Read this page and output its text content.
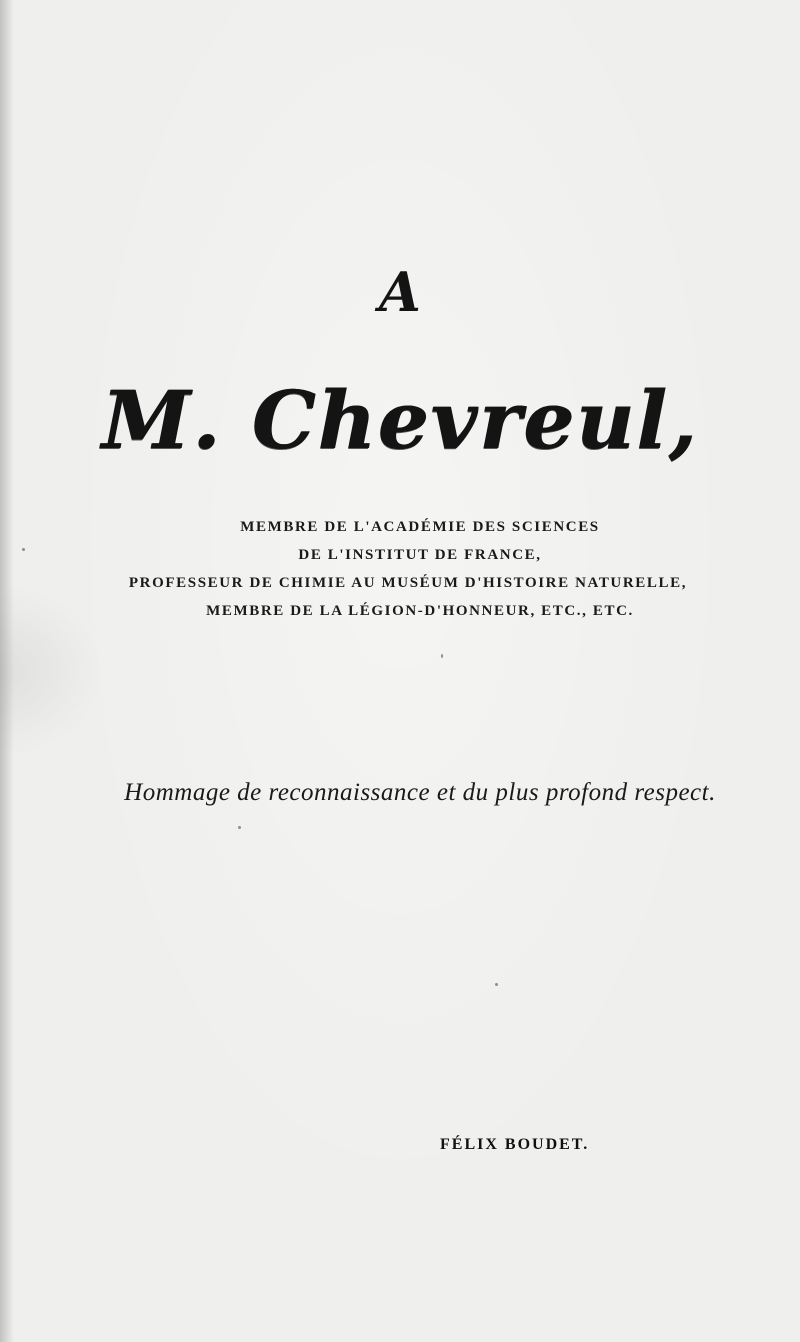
A
M. Chevreul,
MEMBRE DE L'ACADÉMIE DES SCIENCES
DE L'INSTITUT DE FRANCE,
PROFESSEUR DE CHIMIE AU MUSÉUM D'HISTOIRE NATURELLE,
MEMBRE DE LA LÉGION-D'HONNEUR, ETC., ETC.
Hommage de reconnaissance et du plus profond respect.
FÉLIX BOUDET.
